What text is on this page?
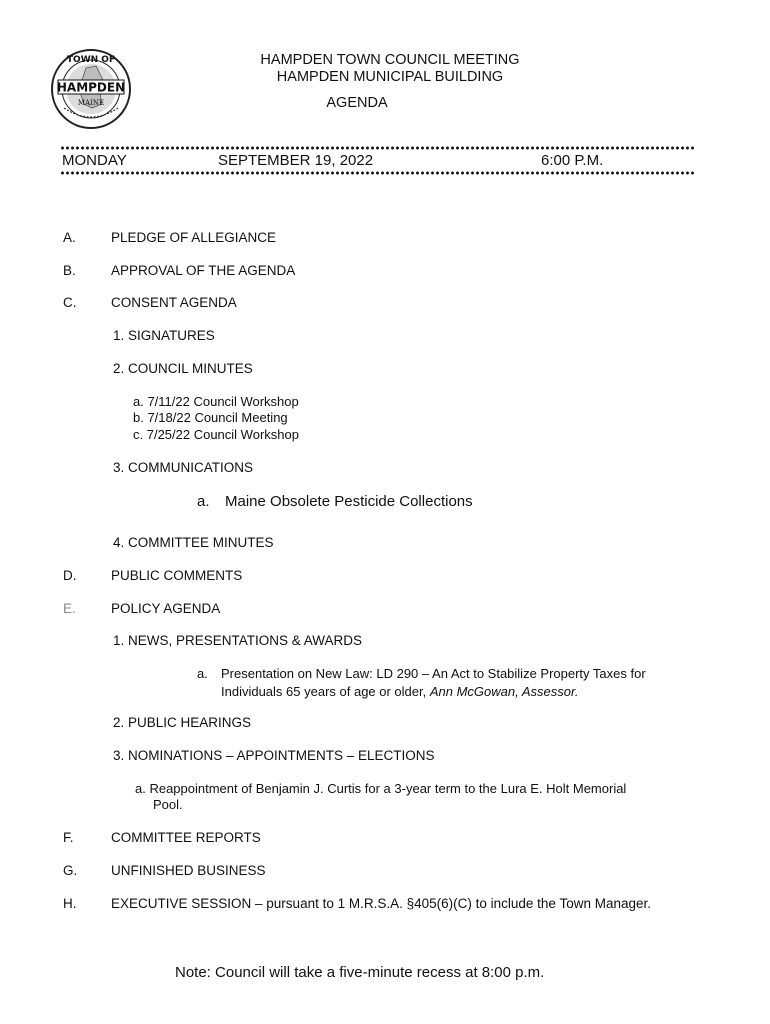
TOWN OF
HAMPDEN
MAINE
HAMPDEN TOWN COUNCIL MEETING
HAMPDEN MUNICIPAL BUILDING
AGENDA
MONDAY	SEPTEMBER 19, 2022	6:00 P.M.
A.	PLEDGE OF ALLEGIANCE
B.	APPROVAL OF THE AGENDA
C.	CONSENT AGENDA
1. SIGNATURES
2. COUNCIL MINUTES
a. 7/11/22 Council Workshop
b. 7/18/22 Council Meeting
c. 7/25/22 Council Workshop
3. COMMUNICATIONS
a. Maine Obsolete Pesticide Collections
4. COMMITTEE MINUTES
D.	PUBLIC COMMENTS
E.	POLICY AGENDA
1. NEWS, PRESENTATIONS & AWARDS
a. Presentation on New Law: LD 290 – An Act to Stabilize Property Taxes for
Individuals 65 years of age or older, Ann McGowan, Assessor.
2. PUBLIC HEARINGS
3. NOMINATIONS – APPOINTMENTS – ELECTIONS
a. Reappointment of Benjamin J. Curtis for a 3-year term to the Lura E. Holt Memorial
Pool.
F.	COMMITTEE REPORTS
G. UNFINISHED BUSINESS
H.	EXECUTIVE SESSION – pursuant to 1 M.R.S.A. §405(6)(C) to include the Town Manager.
Note: Council will take a five-minute recess at 8:00 p.m.
